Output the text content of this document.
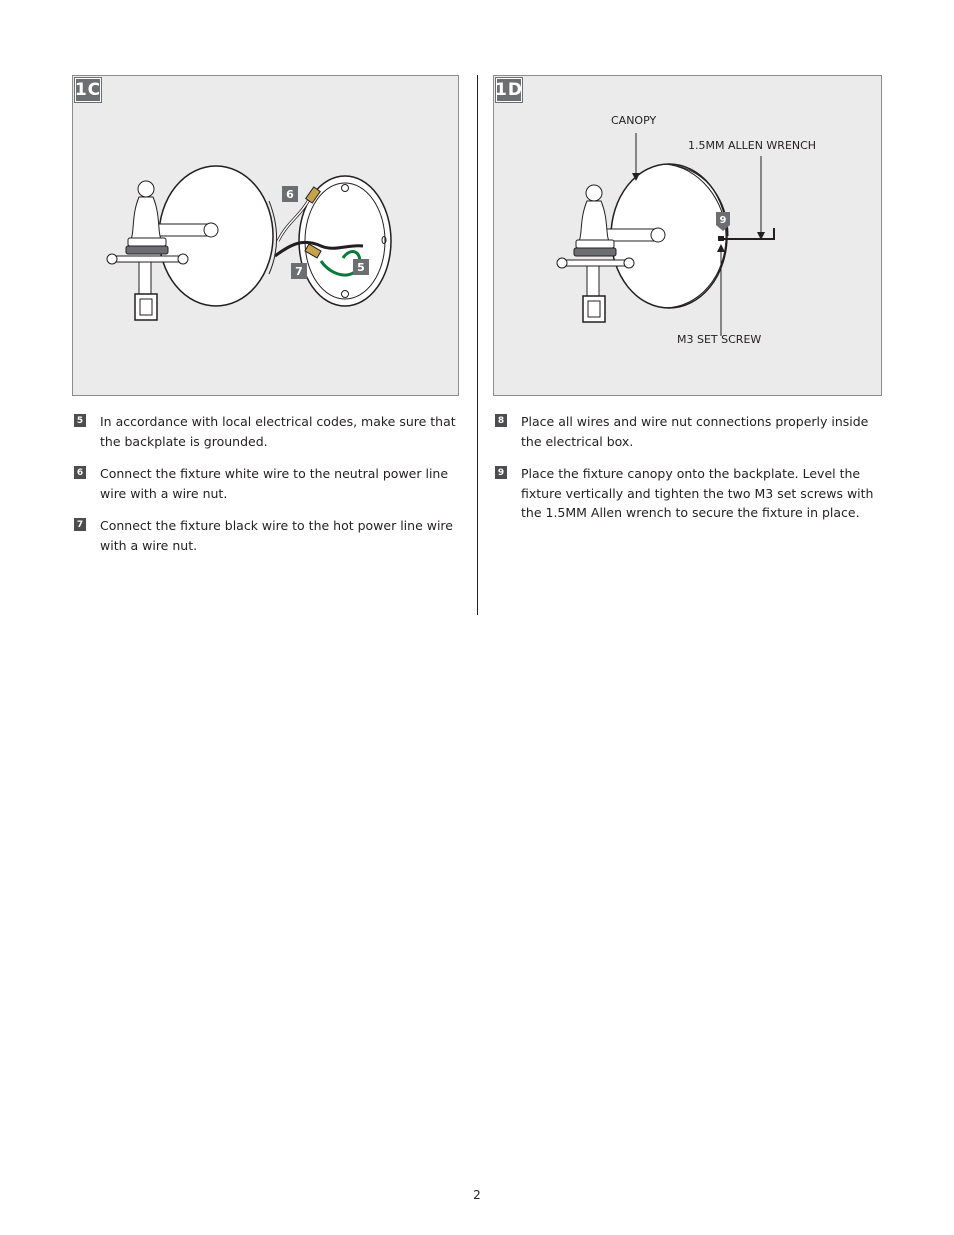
6
7	5
1C
9
1D
CANOPY
1.5MM ALLEN WRENCH
M3 SET SCREW
5 In accordance with local electrical codes, make sure that the backplate is grounded.
6 Connect the fixture white wire to the neutral power line wire with a wire nut.
7 Connect the fixture black wire to the hot power line wire with a wire nut.
8 Place all wires and wire nut connections properly inside the electrical box.
9 Place the fixture canopy onto the backplate. Level the fixture vertically and tighten the two M3 set screws with the 1.5MM Allen wrench to secure the fixture in place.
2
